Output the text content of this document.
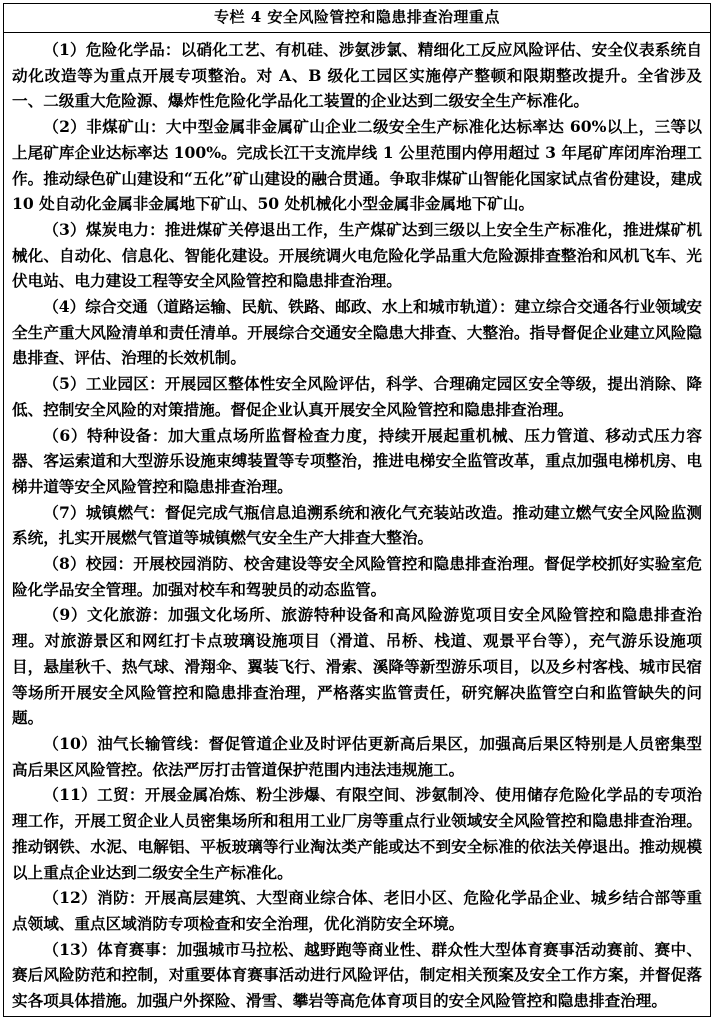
专栏 4 安全风险管控和隐患排查治理重点

（1）危险化学品：以硝化工艺、有机硅、涉氨涉氯、精细化工反应风险评估、安全仪表系统自动化改造等为重点开展专项整治。对 A、B 级化工园区实施停产整顿和限期整改提升。全省涉及一、二级重大危险源、爆炸性危险化学品化工装置的企业达到二级安全生产标准化。

（2）非煤矿山：大中型金属非金属矿山企业二级安全生产标准化达标率达 60%以上，三等以上尾矿库企业达标率达 100%。完成长江干支流岸线 1 公里范围内停用超过 3 年尾矿库闭库治理工作。推动绿色矿山建设和“五化”矿山建设的融合贯通。争取非煤矿山智能化国家试点省份建设，建成 10 处自动化金属非金属地下矿山、50 处机械化小型金属非金属地下矿山。

（3）煤炭电力：推进煤矿关停退出工作，生产煤矿达到三级以上安全生产标准化，推进煤矿机械化、自动化、信息化、智能化建设。开展统调火电危险化学品重大危险源排查整治和风机飞车、光伏电站、电力建设工程等安全风险管控和隐患排查治理。

（4）综合交通（道路运输、民航、铁路、邮政、水上和城市轨道）：建立综合交通各行业领域安全生产重大风险清单和责任清单。开展综合交通安全隐患大排查、大整治。指导督促企业建立风险隐患排查、评估、治理的长效机制。

（5）工业园区：开展园区整体性安全风险评估，科学、合理确定园区安全等级，提出消除、降低、控制安全风险的对策措施。督促企业认真开展安全风险管控和隐患排查治理。

（6）特种设备：加大重点场所监督检查力度，持续开展起重机械、压力管道、移动式压力容器、客运索道和大型游乐设施束缚装置等专项整治，推进电梯安全监管改革，重点加强电梯机房、电梯井道等安全风险管控和隐患排查治理。

（7）城镇燃气：督促完成气瓶信息追溯系统和液化气充装站改造。推动建立燃气安全风险监测系统，扎实开展燃气管道等城镇燃气安全生产大排查大整治。

（8）校园：开展校园消防、校舍建设等安全风险管控和隐患排查治理。督促学校抓好实验室危险化学品安全管理。加强对校车和驾驶员的动态监管。

（9）文化旅游：加强文化场所、旅游特种设备和高风险游览项目安全风险管控和隐患排查治理。对旅游景区和网红打卡点玻璃设施项目（滑道、吊桥、栈道、观景平台等），充气游乐设施项目，悬崖秋千、热气球、滑翔伞、翼装飞行、滑索、溪降等新型游乐项目，以及乡村客栈、城市民宿等场所开展安全风险管控和隐患排查治理，严格落实监管责任，研究解决监管空白和监管缺失的问题。

（10）油气长输管线：督促管道企业及时评估更新高后果区，加强高后果区特别是人员密集型高后果区风险管控。依法严厉打击管道保护范围内违法违规施工。

（11）工贸：开展金属冶炼、粉尘涉爆、有限空间、涉氨制冷、使用储存危险化学品的专项治理工作，开展工贸企业人员密集场所和租用工业厂房等重点行业领域安全风险管控和隐患排查治理。推动钢铁、水泥、电解铝、平板玻璃等行业淘汰类产能或达不到安全标准的依法关停退出。推动规模以上重点企业达到二级安全生产标准化。

（12）消防：开展高层建筑、大型商业综合体、老旧小区、危险化学品企业、城乡结合部等重点领域、重点区域消防专项检查和安全治理，优化消防安全环境。

（13）体育赛事：加强城市马拉松、越野跑等商业性、群众性大型体育赛事活动赛前、赛中、赛后风险防范和控制，对重要体育赛事活动进行风险评估，制定相关预案及安全工作方案，并督促落实各项具体措施。加强户外探险、滑雪、攀岩等高危体育项目的安全风险管控和隐患排查治理。
